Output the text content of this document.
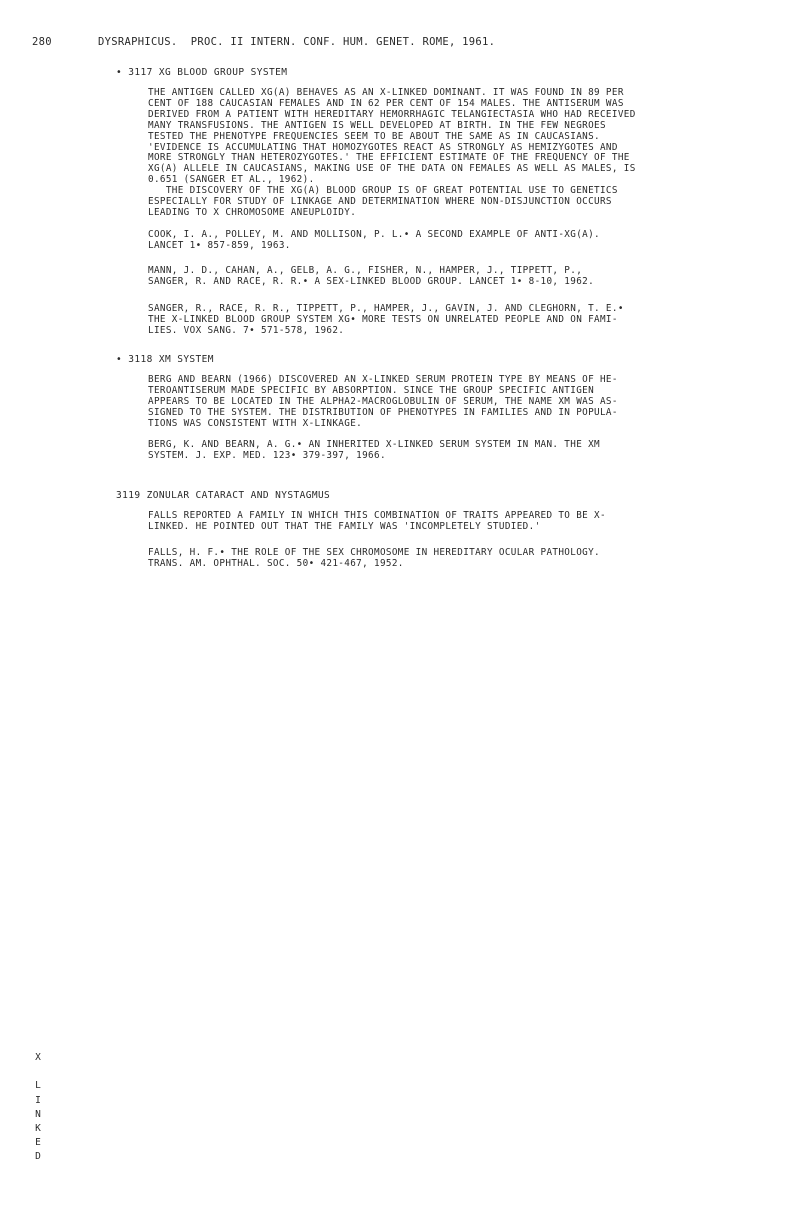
280	DYSRAPHICUS.  PROC. II INTERN. CONF. HUM. GENET. ROME, 1961.
• 3117 XG BLOOD GROUP SYSTEM
THE ANTIGEN CALLED XG(A) BEHAVES AS AN X-LINKED DOMINANT. IT WAS FOUND IN 89 PER
CENT OF 188 CAUCASIAN FEMALES AND IN 62 PER CENT OF 154 MALES. THE ANTISERUM WAS
DERIVED FROM A PATIENT WITH HEREDITARY HEMORRHAGIC TELANGIECTASIA WHO HAD RECEIVED
MANY TRANSFUSIONS. THE ANTIGEN IS WELL DEVELOPED AT BIRTH. IN THE FEW NEGROES
TESTED THE PHENOTYPE FREQUENCIES SEEM TO BE ABOUT THE SAME AS IN CAUCASIANS.
'EVIDENCE IS ACCUMULATING THAT HOMOZYGOTES REACT AS STRONGLY AS HEMIZYGOTES AND
MORE STRONGLY THAN HETEROZYGOTES.' THE EFFICIENT ESTIMATE OF THE FREQUENCY OF THE
XG(A) ALLELE IN CAUCASIANS, MAKING USE OF THE DATA ON FEMALES AS WELL AS MALES, IS
0.651 (SANGER ET AL., 1962).
THE DISCOVERY OF THE XG(A) BLOOD GROUP IS OF GREAT POTENTIAL USE TO GENETICS
ESPECIALLY FOR STUDY OF LINKAGE AND DETERMINATION WHERE NON-DISJUNCTION OCCURS
LEADING TO X CHROMOSOME ANEUPLOIDY.
COOK, I. A., POLLEY, M. AND MOLLISON, P. L.• A SECOND EXAMPLE OF ANTI-XG(A).
LANCET 1• 857-859, 1963.
MANN, J. D., CAHAN, A., GELB, A. G., FISHER, N., HAMPER, J., TIPPETT, P.,
SANGER, R. AND RACE, R. R.• A SEX-LINKED BLOOD GROUP. LANCET 1• 8-10, 1962.
SANGER, R., RACE, R. R., TIPPETT, P., HAMPER, J., GAVIN, J. AND CLEGHORN, T. E.•
THE X-LINKED BLOOD GROUP SYSTEM XG• MORE TESTS ON UNRELATED PEOPLE AND ON FAMI-
LIES. VOX SANG. 7• 571-578, 1962.
• 3118 XM SYSTEM
BERG AND BEARN (1966) DISCOVERED AN X-LINKED SERUM PROTEIN TYPE BY MEANS OF HE-
TEROANTISERUM MADE SPECIFIC BY ABSORPTION. SINCE THE GROUP SPECIFIC ANTIGEN
APPEARS TO BE LOCATED IN THE ALPHA2-MACROGLOBULIN OF SERUM, THE NAME XM WAS AS-
SIGNED TO THE SYSTEM. THE DISTRIBUTION OF PHENOTYPES IN FAMILIES AND IN POPULA-
TIONS WAS CONSISTENT WITH X-LINKAGE.
BERG, K. AND BEARN, A. G.• AN INHERITED X-LINKED SERUM SYSTEM IN MAN. THE XM
SYSTEM. J. EXP. MED. 123• 379-397, 1966.
3119 ZONULAR CATARACT AND NYSTAGMUS
FALLS REPORTED A FAMILY IN WHICH THIS COMBINATION OF TRAITS APPEARED TO BE X-
LINKED. HE POINTED OUT THAT THE FAMILY WAS 'INCOMPLETELY STUDIED.'
FALLS, H. F.• THE ROLE OF THE SEX CHROMOSOME IN HEREDITARY OCULAR PATHOLOGY.
TRANS. AM. OPHTHAL. SOC. 50• 421-467, 1952.
X

L
I
N
K
E
D
